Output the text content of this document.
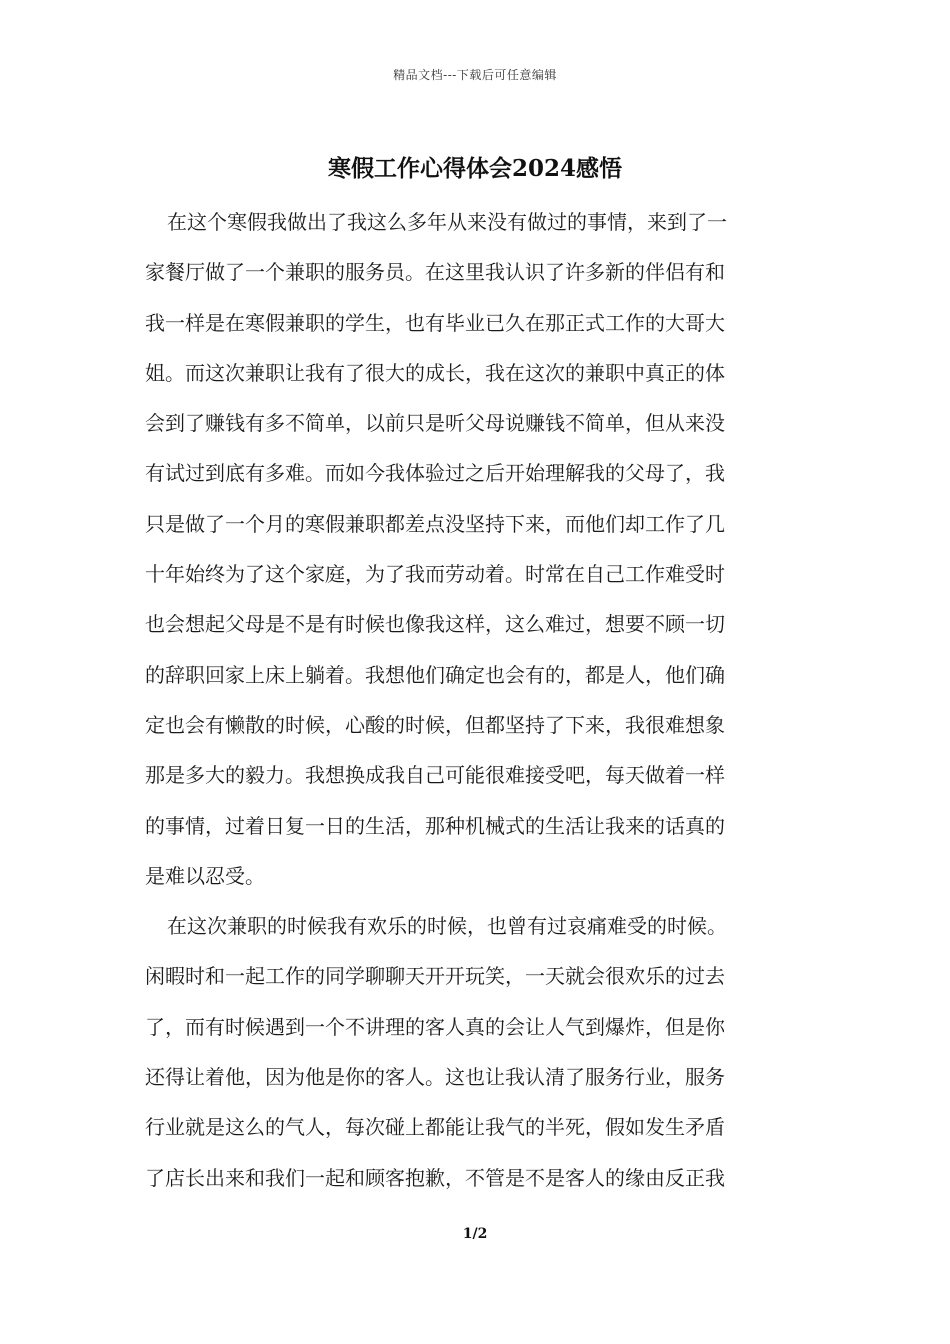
精品文档---下载后可任意编辑
寒假工作心得体会2024感悟
在这个寒假我做出了我这么多年从来没有做过的事情，来到了一
家餐厅做了一个兼职的服务员。在这里我认识了许多新的伴侣有和
我一样是在寒假兼职的学生，也有毕业已久在那正式工作的大哥大
姐。而这次兼职让我有了很大的成长，我在这次的兼职中真正的体
会到了赚钱有多不简单，以前只是听父母说赚钱不简单，但从来没
有试过到底有多难。而如今我体验过之后开始理解我的父母了，我
只是做了一个月的寒假兼职都差点没坚持下来，而他们却工作了几
十年始终为了这个家庭，为了我而劳动着。时常在自己工作难受时
也会想起父母是不是有时候也像我这样，这么难过，想要不顾一切
的辞职回家上床上躺着。我想他们确定也会有的，都是人，他们确
定也会有懒散的时候，心酸的时候，但都坚持了下来，我很难想象
那是多大的毅力。我想换成我自己可能很难接受吧，每天做着一样
的事情，过着日复一日的生活，那种机械式的生活让我来的话真的
是难以忍受。
在这次兼职的时候我有欢乐的时候，也曾有过哀痛难受的时候。
闲暇时和一起工作的同学聊聊天开开玩笑，一天就会很欢乐的过去
了，而有时候遇到一个不讲理的客人真的会让人气到爆炸，但是你
还得让着他，因为他是你的客人。这也让我认清了服务行业，服务
行业就是这么的气人，每次碰上都能让我气的半死，假如发生矛盾
了店长出来和我们一起和顾客抱歉，不管是不是客人的缘由反正我
1/2
